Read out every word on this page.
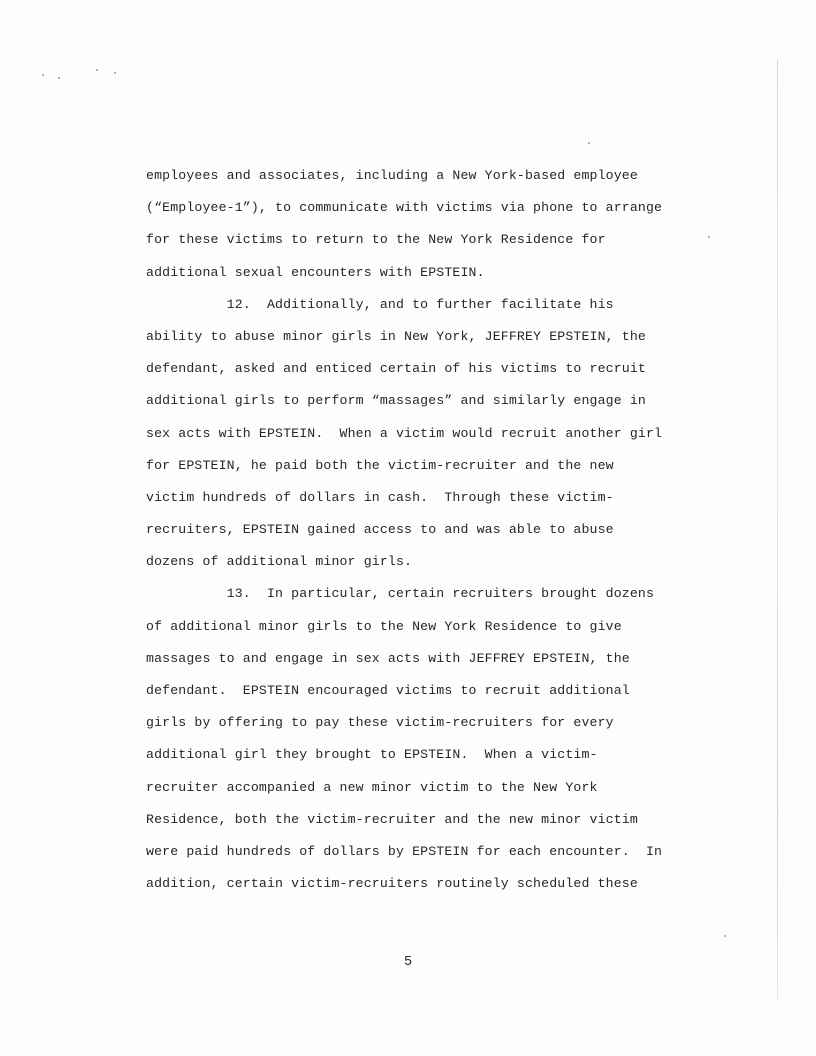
employees and associates, including a New York-based employee
(“Employee-1”), to communicate with victims via phone to arrange
for these victims to return to the New York Residence for
additional sexual encounters with EPSTEIN.
12.  Additionally, and to further facilitate his
ability to abuse minor girls in New York, JEFFREY EPSTEIN, the
defendant, asked and enticed certain of his victims to recruit
additional girls to perform “massages” and similarly engage in
sex acts with EPSTEIN.  When a victim would recruit another girl
for EPSTEIN, he paid both the victim-recruiter and the new
victim hundreds of dollars in cash.  Through these victim-
recruiters, EPSTEIN gained access to and was able to abuse
dozens of additional minor girls.
13.  In particular, certain recruiters brought dozens
of additional minor girls to the New York Residence to give
massages to and engage in sex acts with JEFFREY EPSTEIN, the
defendant.  EPSTEIN encouraged victims to recruit additional
girls by offering to pay these victim-recruiters for every
additional girl they brought to EPSTEIN.  When a victim-
recruiter accompanied a new minor victim to the New York
Residence, both the victim-recruiter and the new minor victim
were paid hundreds of dollars by EPSTEIN for each encounter.  In
addition, certain victim-recruiters routinely scheduled these
5
